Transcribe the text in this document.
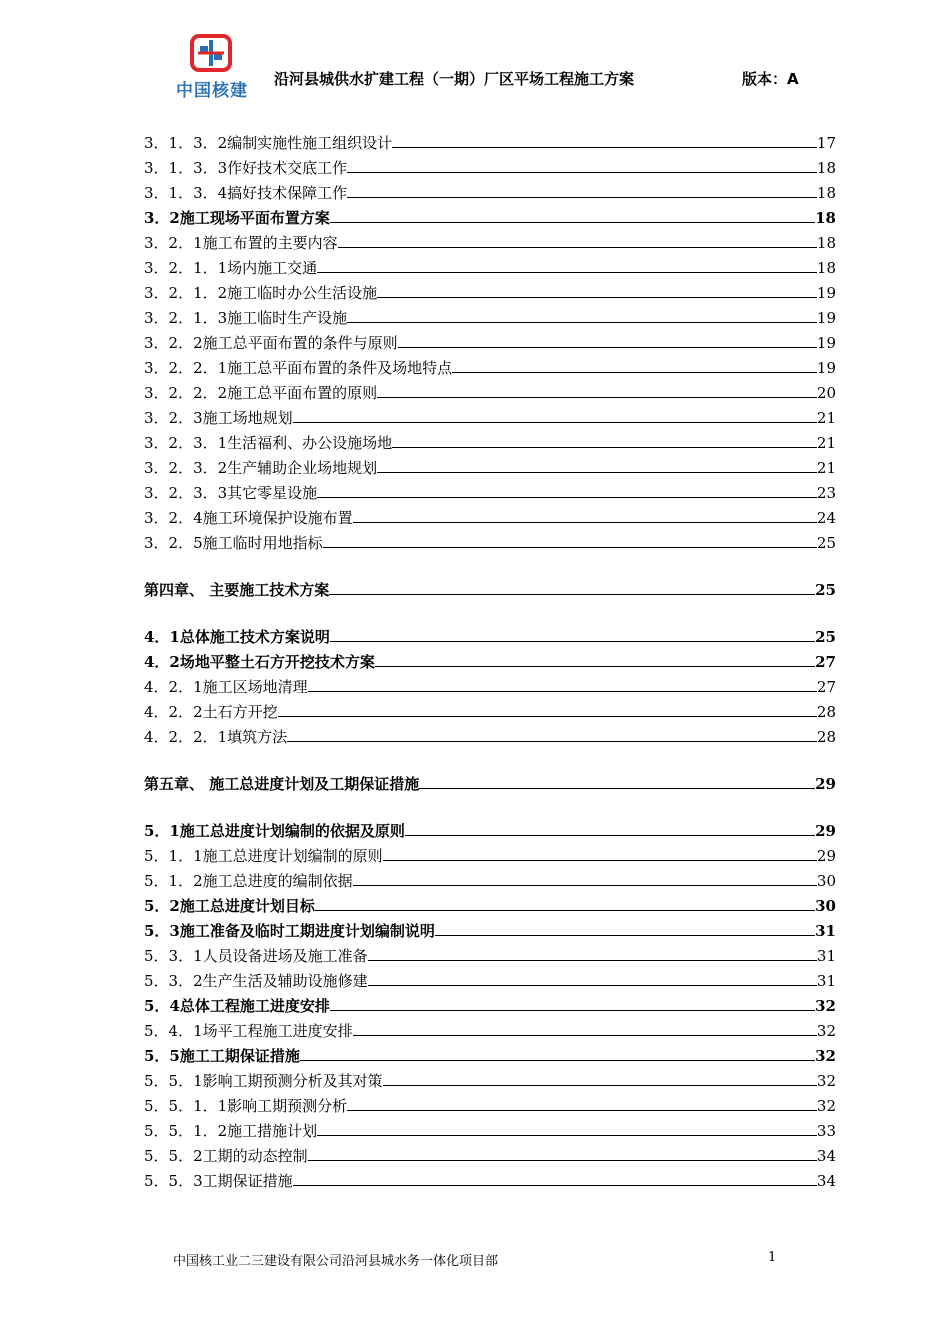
中国核建
沿河县城供水扩建工程（一期）厂区平场工程施工方案	版本：A
3．1．3．2编制实施性施工组织设计	17
3．1．3．3作好技术交底工作	18
3．1．3．4搞好技术保障工作	18
3．2施工现场平面布置方案	18
3．2．1施工布置的主要内容	18
3．2．1．1场内施工交通	18
3．2．1．2施工临时办公生活设施	19
3．2．1．3施工临时生产设施	19
3．2．2施工总平面布置的条件与原则	19
3．2．2．1施工总平面布置的条件及场地特点	19
3．2．2．2施工总平面布置的原则	20
3．2．3施工场地规划	21
3．2．3．1生活福利、办公设施场地	21
3．2．3．2生产辅助企业场地规划	21
3．2．3．3其它零星设施	23
3．2．4施工环境保护设施布置	24
3．2．5施工临时用地指标	25
第四章、 主要施工技术方案	25
4．1总体施工技术方案说明	25
4．2场地平整土石方开挖技术方案	27
4．2．1施工区场地清理	27
4．2．2土石方开挖	28
4．2．2．1填筑方法	28
第五章、 施工总进度计划及工期保证措施	29
5．1施工总进度计划编制的依据及原则	29
5．1．1施工总进度计划编制的原则	29
5．1．2施工总进度的编制依据	30
5．2施工总进度计划目标	30
5．3施工准备及临时工期进度计划编制说明	31
5．3．1人员设备进场及施工准备	31
5．3．2生产生活及辅助设施修建	31
5．4总体工程施工进度安排	32
5．4．1场平工程施工进度安排	32
5．5施工工期保证措施	32
5．5．1影响工期预测分析及其对策	32
5．5．1．1影响工期预测分析	32
5．5．1．2施工措施计划	33
5．5．2工期的动态控制	34
5．5．3工期保证措施	34
中国核工业二三建设有限公司沿河县城水务一体化项目部	1
